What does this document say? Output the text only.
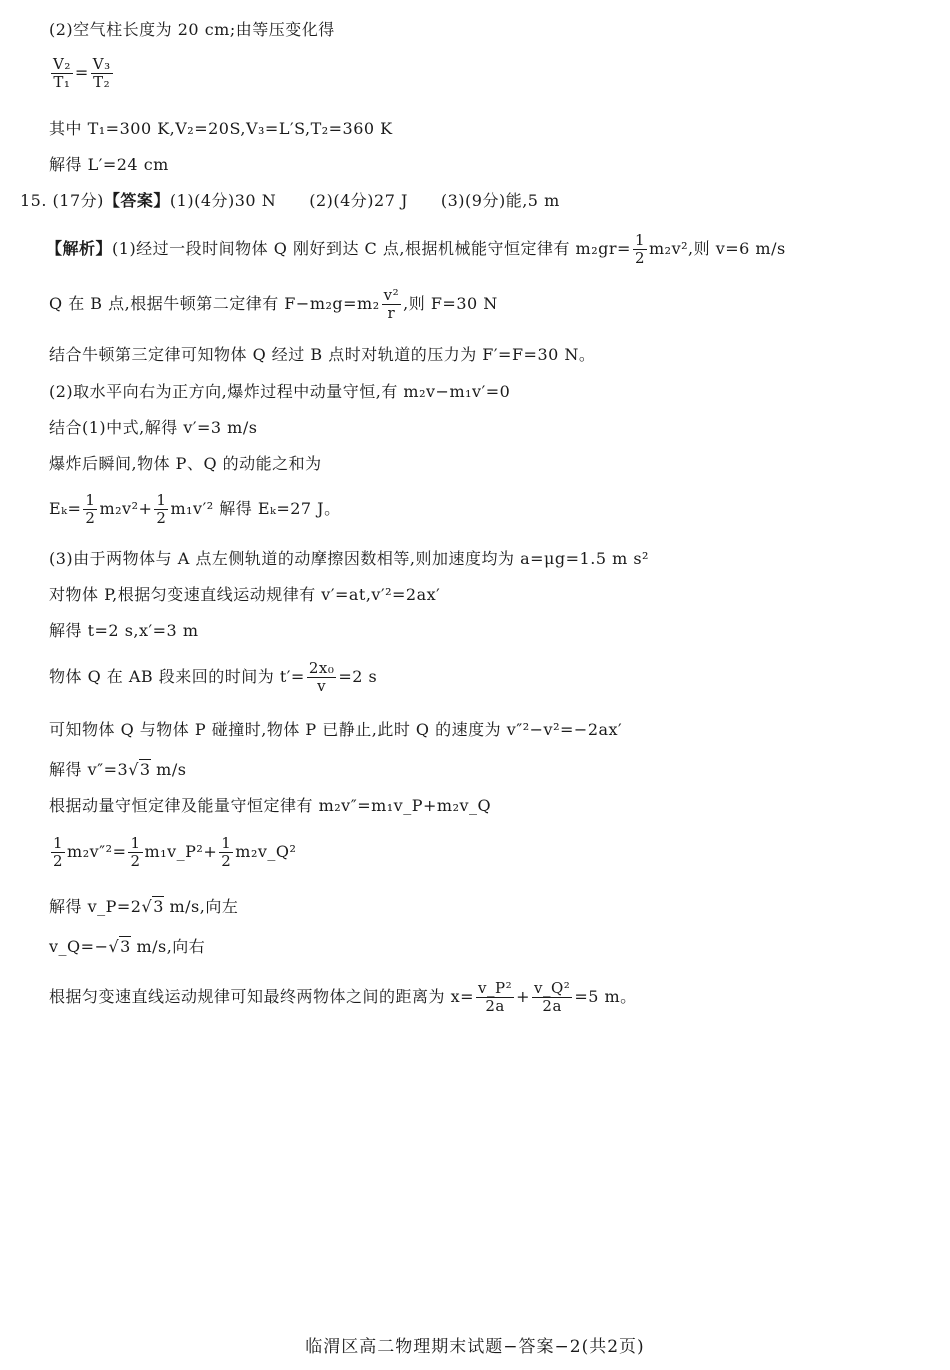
(2)空气柱长度为 20 cm;由等压变化得
$\frac{\text{V₂}}{\text{T₁}} = \frac{\text{V₃}}{\text{T₂}}$
其中 T₁=300 K,V₂=20S,V₃=L′S,T₂=360 K
解得 L′=24 cm
15. (17分)【答案】(1)(4分)30 N　　(2)(4分)27 J　　(3)(9分)能,5 m
【解析】(1)经过一段时间物体 Q 刚好到达 C 点,根据机械能守恒定律有 $m_2gr= \frac{1}{2} m_2v^2$,则 v=6 m/s
Q 在 B 点,根据牛顿第二定律有 $F-m_2g=m_2 \frac{\text{v²}}{r}$ ,则 F=30 N
结合牛顿第三定律可知物体 Q 经过 B 点时对轨道的压力为 F′=F=30 N。
(2)取水平向右为正方向,爆炸过程中动量守恒,有 m₂v−m₁v′=0
结合(1)中式,解得 v′=3 m/s
爆炸后瞬间,物体 P、Q 的动能之和为
$E_k= \frac{1}{2} m_2v^2+ \frac{1}{2} m_1v'^2$ 解得 Eₖ=27 J。
(3)由于两物体与 A 点左侧轨道的动摩擦因数相等,则加速度均为 a=μg=1.5 m s²
对物体 P,根据匀变速直线运动规律有 v′=at,v′²=2ax′
解得 t=2 s,x′=3 m
物体 Q 在 AB 段来回的时间为 $t'= \frac{\text{2x₀}}{v} =2$ s
可知物体 Q 与物体 P 碰撞时,物体 P 已静止,此时 Q 的速度为 v″²−v²=−2ax′
解得 v″=3√3 m/s
根据动量守恒定律及能量守恒定律有 m₂v″=m₁v_P+m₂v_Q
$\frac{1}{2} m_2v''^2= \frac{1}{2}$ m₁v_P²+ $\frac{1}{2}$ m₂v_Q²
解得 v_P=2√3 m/s,向左
v_Q=−√3 m/s,向右
根据匀变速直线运动规律可知最终两物体之间的距离为 $x= \frac{\text{v\_P²}}{2a} + \frac{\text{v\_Q²}}{2a} =5$ m。
临渭区高二物理期末试题−答案−2(共2页)
